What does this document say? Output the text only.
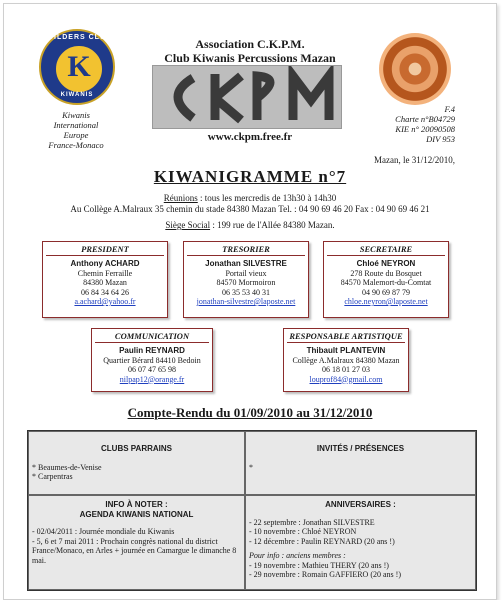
BUILDERS CLUB
K
KIWANIS
Kiwanis
International
Europe
France-Monaco
Association C.K.P.M.
Club Kiwanis Percussions Mazan
www.ckpm.free.fr
F.4
Charte n°B04729
KIE n° 20090508
DIV 953
Mazan, le 31/12/2010,
KIWANIGRAMME n°7
Réunions : tous les mercredis de 13h30 à 14h30
Au Collège A.Malraux 35 chemin du stade 84380 Mazan Tel. : 04 90 69 46 20 Fax : 04 90 69 46 21
Siège Social : 199 rue de l'Allée 84380 Mazan.
PRESIDENT
Anthony ACHARD
Chemin Ferraille
84380 Mazan
06 84 34 64 26
a.achard@yahoo.fr
TRESORIER
Jonathan SILVESTRE
Portail vieux
84570 Mormoiron
06 35 53 40 31
jonathan-silvestre@laposte.net
SECRETAIRE
Chloé NEYRON
278 Route du Bosquet
84570 Malemort-du-Comtat
04 90 69 87 79
chloe.neyron@laposte.net
COMMUNICATION
Paulin REYNARD
Quartier Bérard 84410 Bedoin
06 07 47 65 98
nilpap12@orange.fr
RESPONSABLE ARTISTIQUE
Thibault PLANTEVIN
Collège A.Malraux 84380 Mazan
06 18 01 27 03
louprof84@gmail.com
Compte-Rendu du 01/09/2010 au 31/12/2010
CLUBS PARRAINS
* Beaumes-de-Venise
* Carpentras
INVITÉS / PRÉSENCES
*
INFO À NOTER :
AGENDA KIWANIS NATIONAL
- 02/04/2011 : Journée mondiale du Kiwanis
- 5, 6 et 7 mai 2011 : Prochain congrès national du district France/Monaco, en Arles + journée en Camargue le dimanche 8 mai.
ANNIVERSAIRES :
- 22 septembre : Jonathan SILVESTRE
- 10 novembre : Chloé NEYRON
- 12 décembre : Paulin REYNARD (20 ans !)
Pour info : anciens membres :
- 19 novembre : Mathieu THERY (20 ans !)
- 29 novembre : Romain GAFFIERO (20 ans !)
